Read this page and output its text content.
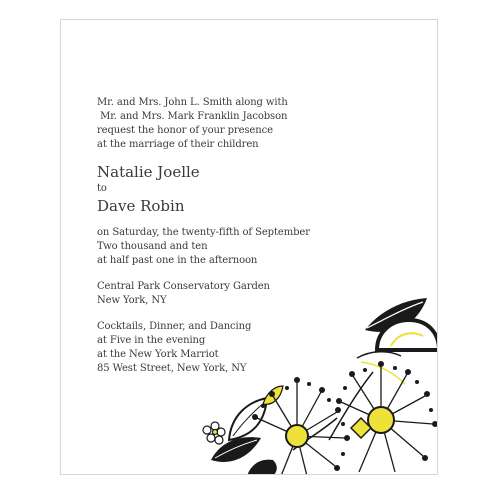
Mr. and Mrs. John L. Smith along with
Mr. and Mrs. Mark Franklin Jacobson
request the honor of your presence
at the marriage of their children
Natalie Joelle
to
Dave Robin
on Saturday, the twenty-fifth of September
Two thousand and ten
at half past one in the afternoon
Central Park Conservatory Garden
New York, NY
Cocktails, Dinner, and Dancing
at Five in the evening
at the New York Marriot
85 West Street, New York, NY
